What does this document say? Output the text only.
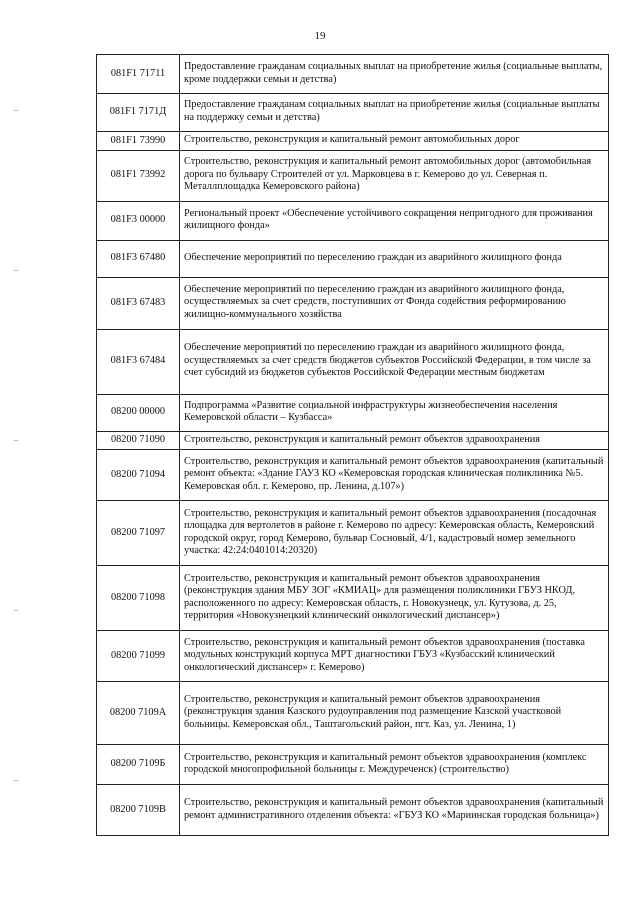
19
081F1 71711	Предоставление гражданам социальных выплат на приобретение жилья (социальные выплаты, кроме поддержки семьи и детства)
081F1 7171Д	Предоставление гражданам социальных выплат на приобретение жилья (социальные выплаты на поддержку семьи и детства)
081F1 73990	Строительство, реконструкция и капитальный ремонт автомобильных дорог
081F1 73992	Строительство, реконструкция и капитальный ремонт автомобильных дорог (автомобильная дорога по бульвару Строителей от ул. Марковцева в г. Кемерово до ул. Северная п. Металлплощадка Кемеровского района)
081F3 00000	Региональный проект «Обеспечение устойчивого сокращения непригодного для проживания жилищного фонда»
081F3 67480	Обеспечение мероприятий по переселению граждан из аварийного жилищного фонда
081F3 67483	Обеспечение мероприятий по переселению граждан из аварийного жилищного фонда, осуществляемых за счет средств, поступивших от Фонда содействия реформированию жилищно-коммунального хозяйства
081F3 67484	Обеспечение мероприятий по переселению граждан из аварийного жилищного фонда, осуществляемых за счет средств бюджетов субъектов Российской Федерации, в том числе за счет субсидий из бюджетов субъектов Российской Федерации местным бюджетам
08200 00000	Подпрограмма «Развитие социальной инфраструктуры жизнеобеспечения населения Кемеровской области – Кузбасса»
08200 71090	Строительство, реконструкция и капитальный ремонт объектов здравоохранения
08200 71094	Строительство, реконструкция и капитальный ремонт объектов здравоохранения (капитальный ремонт объекта: «Здание ГАУЗ КО «Кемеровская городская клиническая поликлиника №5. Кемеровская обл. г. Кемерово, пр. Ленина, д.107»)
08200 71097	Строительство, реконструкция и капитальный ремонт объектов здравоохранения (посадочная площадка для вертолетов в районе г. Кемерово по адресу: Кемеровская область, Кемеровский городской округ, город Кемерово, бульвар Сосновый, 4/1, кадастровый номер земельного участка: 42:24:0401014:20320)
08200 71098	Строительство, реконструкция и капитальный ремонт объектов здравоохранения (реконструкция здания МБУ ЗОГ «КМИАЦ» для размещения поликлиники ГБУЗ НКОД, расположенного по адресу: Кемеровская область, г. Новокузнецк, ул. Кутузова, д. 25, территория «Новокузнецкий клинический онкологический диспансер»)
08200 71099	Строительство, реконструкция и капитальный ремонт объектов здравоохранения (поставка модульных конструкций корпуса МРТ диагностики ГБУЗ «Кузбасский клинический онкологический диспансер» г. Кемерово)
08200 7109А	Строительство, реконструкция и капитальный ремонт объектов здравоохранения (реконструкция здания Казского рудоуправления под размещение Казской участковой больницы. Кемеровская обл., Таштагольский район, пгт. Каз, ул. Ленина, 1)
08200 7109Б	Строительство, реконструкция и капитальный ремонт объектов здравоохранения (комплекс городской многопрофильной больницы г. Междуреченск) (строительство)
08200 7109В	Строительство, реконструкция и капитальный ремонт объектов здравоохранения (капитальный ремонт административного отделения объекта: «ГБУЗ КО «Мариинская городская больница»)
